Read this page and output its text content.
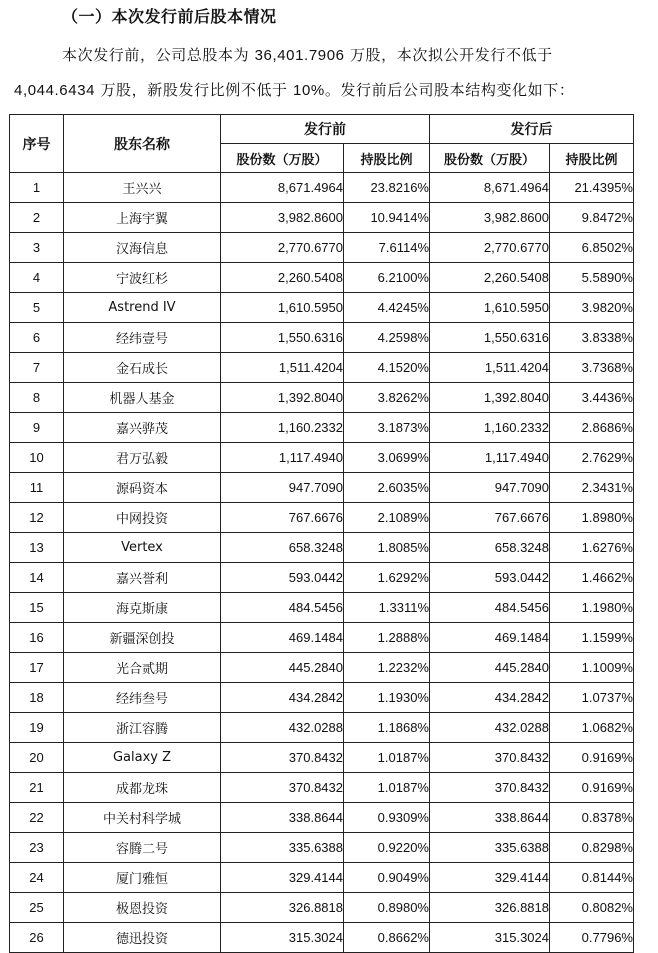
（一）本次发行前后股本情况
本次发行前，公司总股本为 36,401.7906 万股，本次拟公开发行不低于
4,044.6434 万股，新股发行比例不低于 10%。发行前后公司股本结构变化如下：
序号	股东名称	发行前		发行后	
		股份数（万股）	持股比例	股份数（万股）	持股比例
1	王兴兴	8,671.4964	23.8216%	8,671.4964	21.4395%
2	上海宇翼	3,982.8600	10.9414%	3,982.8600	9.8472%
3	汉海信息	2,770.6770	7.6114%	2,770.6770	6.8502%
4	宁波红杉	2,260.5408	6.2100%	2,260.5408	5.5890%
5	Astrend IV	1,610.5950	4.4245%	1,610.5950	3.9820%
6	经纬壹号	1,550.6316	4.2598%	1,550.6316	3.8338%
7	金石成长	1,511.4204	4.1520%	1,511.4204	3.7368%
8	机器人基金	1,392.8040	3.8262%	1,392.8040	3.4436%
9	嘉兴骅茂	1,160.2332	3.1873%	1,160.2332	2.8686%
10	君万弘毅	1,117.4940	3.0699%	1,117.4940	2.7629%
11	源码资本	947.7090	2.6035%	947.7090	2.3431%
12	中网投资	767.6676	2.1089%	767.6676	1.8980%
13	Vertex	658.3248	1.8085%	658.3248	1.6276%
14	嘉兴誉利	593.0442	1.6292%	593.0442	1.4662%
15	海克斯康	484.5456	1.3311%	484.5456	1.1980%
16	新疆深创投	469.1484	1.2888%	469.1484	1.1599%
17	光合贰期	445.2840	1.2232%	445.2840	1.1009%
18	经纬叁号	434.2842	1.1930%	434.2842	1.0737%
19	浙江容腾	432.0288	1.1868%	432.0288	1.0682%
20	Galaxy Z	370.8432	1.0187%	370.8432	0.9169%
21	成都龙珠	370.8432	1.0187%	370.8432	0.9169%
22	中关村科学城	338.8644	0.9309%	338.8644	0.8378%
23	容腾二号	335.6388	0.9220%	335.6388	0.8298%
24	厦门雅恒	329.4144	0.9049%	329.4144	0.8144%
25	极恩投资	326.8818	0.8980%	326.8818	0.8082%
26	德迅投资	315.3024	0.8662%	315.3024	0.7796%
